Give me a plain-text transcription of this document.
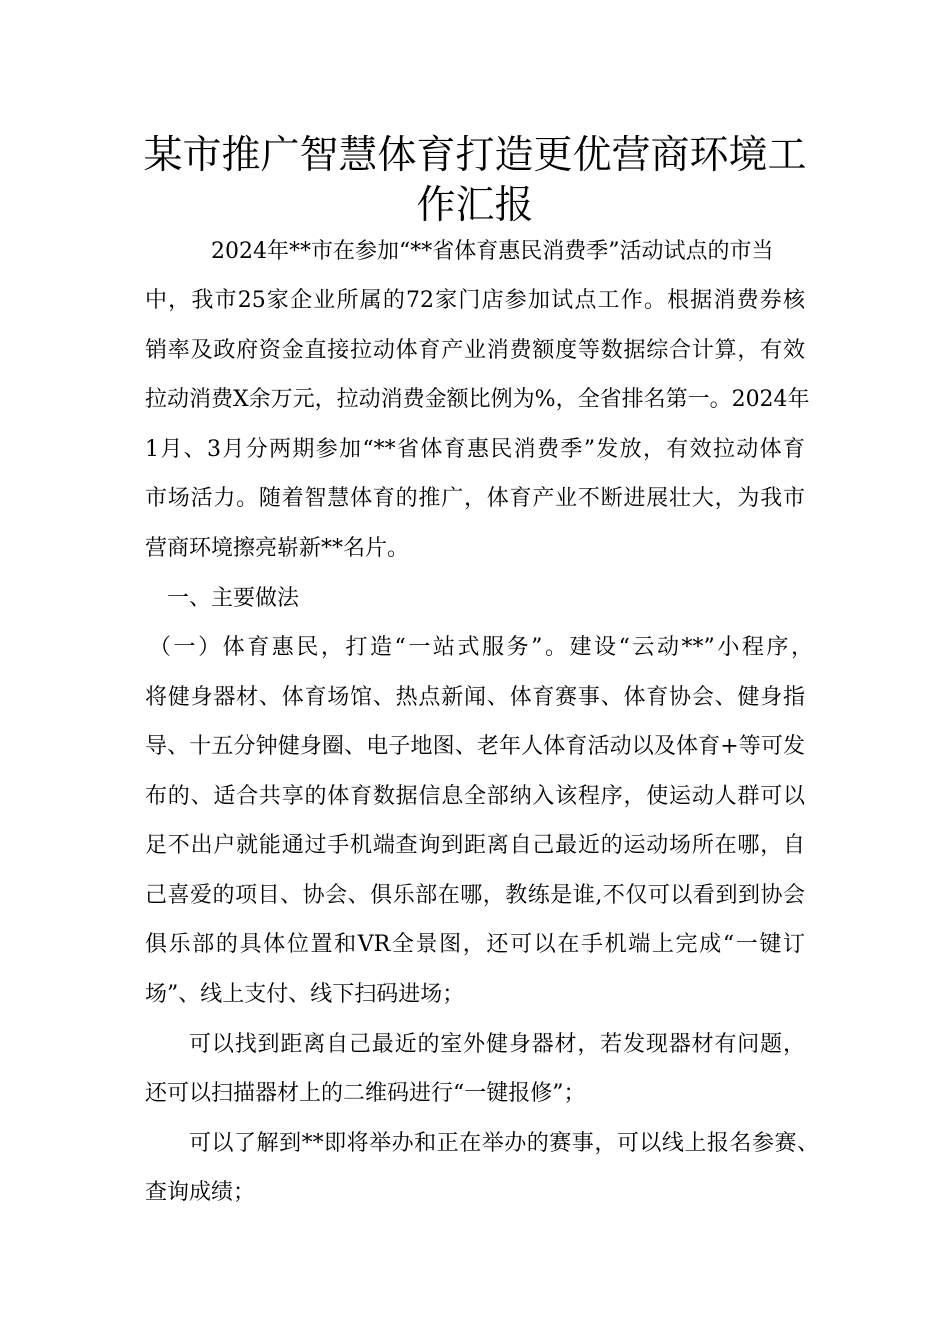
某市推广智慧体育打造更优营商环境工
作汇报

2024年**市在参加“**省体育惠民消费季”活动试点的市当

中，我市25家企业所属的72家门店参加试点工作。根据消费券核

销率及政府资金直接拉动体育产业消费额度等数据综合计算，有效

拉动消费X余万元，拉动消费金额比例为%，全省排名第一。2024年

1月、3月分两期参加“**省体育惠民消费季”发放，有效拉动体育

市场活力。随着智慧体育的推广，体育产业不断进展壮大，为我市

营商环境擦亮崭新**名片。

一、主要做法

（一）体育惠民，打造“一站式服务”。建设“云动**”小程序，

将健身器材、体育场馆、热点新闻、体育赛事、体育协会、健身指

导、十五分钟健身圈、电子地图、老年人体育活动以及体育+等可发

布的、适合共享的体育数据信息全部纳入该程序，使运动人群可以

足不出户就能通过手机端查询到距离自己最近的运动场所在哪，自

己喜爱的项目、协会、俱乐部在哪，教练是谁,不仅可以看到到协会

俱乐部的具体位置和VR全景图，还可以在手机端上完成“一键订

场”、线上支付、线下扫码进场；

可以找到距离自己最近的室外健身器材，若发现器材有问题，

还可以扫描器材上的二维码进行“一键报修”；

可以了解到**即将举办和正在举办的赛事，可以线上报名参赛、

查询成绩；
